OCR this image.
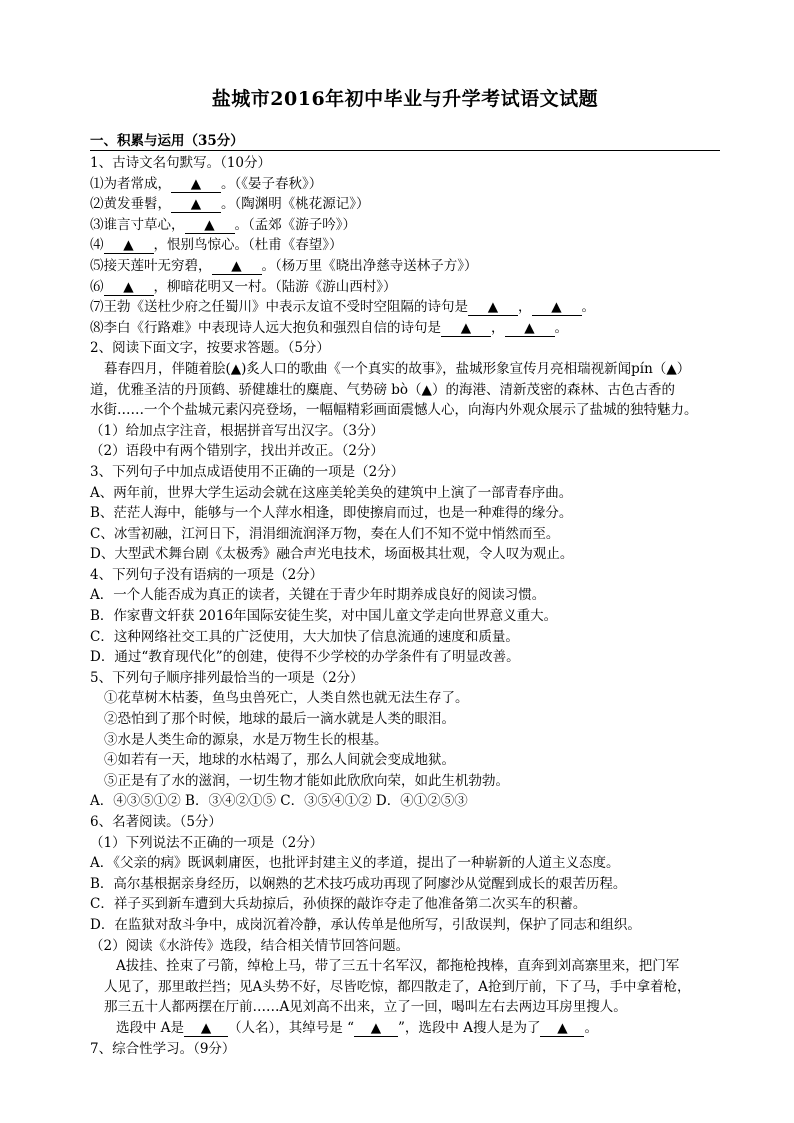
盐城市2016年初中毕业与升学考试语文试题
一、积累与运用（35分）
1、古诗文名句默写。（10分）
⑴为者常成， ▲ 。（《晏子春秋》）
⑵黄发垂髫， ▲ 。（陶渊明《桃花源记》）
⑶谁言寸草心， ▲ 。（孟郊《游子吟》）
⑷ ▲ ，恨别鸟惊心。（杜甫《春望》）
⑸接天莲叶无穷碧， ▲ 。（杨万里《晓出净慈寺送林子方》）
⑹ ▲ ，柳暗花明又一村。（陆游《游山西村》）
⑺王勃《送杜少府之任蜀川》中表示友谊不受时空阻隔的诗句是 ▲ ， ▲ 。
⑻李白《行路难》中表现诗人远大抱负和强烈自信的诗句是 ▲ ， ▲ 。
2、阅读下面文字，按要求答题。（5分）
暮春四月，伴随着脍(▲)炙人口的歌曲《一个真实的故事》，盐城形象宣传月亮相瑞视新闻pín（▲）
道，优雅圣洁的丹顶鹤、骄健雄壮的麋鹿、气势磅 bò（▲）的海港、清新茂密的森林、古色古香的
水街……一个个盐城元素闪亮登场，一幅幅精彩画面震憾人心，向海内外观众展示了盐城的独特魅力。
（1）给加点字注音，根据拼音写出汉字。（3分）
（2）语段中有两个错别字，找出并改正。（2分）
3、下列句子中加点成语使用不正确的一项是（2分）
A、两年前，世界大学生运动会就在这座美轮美奂的建筑中上演了一部青春序曲。
B、茫茫人海中，能够与一个人萍水相逢，即使擦肩而过，也是一种难得的缘分。
C、冰雪初融，江河日下，涓涓细流润泽万物，奏在人们不知不觉中悄然而至。
D、大型武术舞台剧《太极秀》融合声光电技术，场面极其壮观，令人叹为观止。
4、下列句子没有语病的一项是（2分）
A．一个人能否成为真正的读者，关键在于青少年时期养成良好的阅读习惯。
B．作家曹文轩获 2016年国际安徒生奖，对中国儿童文学走向世界意义重大。
C．这种网络社交工具的广泛使用，大大加快了信息流通的速度和质量。
D．通过“教育现代化”的创建，使得不少学校的办学条件有了明显改善。
5、下列句子顺序排列最恰当的一项是（2分）
①花草树木枯萎，鱼鸟虫兽死亡，人类自然也就无法生存了。
②恐怕到了那个时候，地球的最后一滴水就是人类的眼泪。
③水是人类生命的源泉，水是万物生长的根基。
④如若有一天，地球的水枯竭了，那么人间就会变成地狱。
⑤正是有了水的滋润，一切生物才能如此欣欣向荣，如此生机勃勃。
A．④③⑤①② B．③④②①⑤ C．③⑤④①② D．④①②⑤③
6、名著阅读。（5分）
（1）下列说法不正确的一项是（2分）
A．《父亲的病》既讽刺庸医，也批评封建主义的孝道，提出了一种崭新的人道主义态度。
B．高尔基根据亲身经历，以娴熟的艺术技巧成功再现了阿廖沙从觉醒到成长的艰苦历程。
C．祥子买到新车遭到大兵劫掠后，孙侦探的敲诈夺走了他准备第二次买车的积蓄。
D．在监狱对敌斗争中，成岗沉着冷静，承认传单是他所写，引敌误判，保护了同志和组织。
（2）阅读《水浒传》选段，结合相关情节回答问题。
A拔挂、拴束了弓箭，绰枪上马，带了三五十名军汉，都拖枪拽棒，直奔到刘高寨里来，把门军
人见了，那里敢拦挡；见A头势不好，尽皆吃惊，都四散走了，A抢到厅前，下了马，手中拿着枪，
那三五十人都两摆在厅前……A见刘高不出来，立了一回，喝叫左右去两边耳房里搜人。
选段中 A是 ▲ （人名），其绰号是 “ ▲ ”，选段中 A搜人是为了 ▲ 。
7、综合性学习。（9分）
